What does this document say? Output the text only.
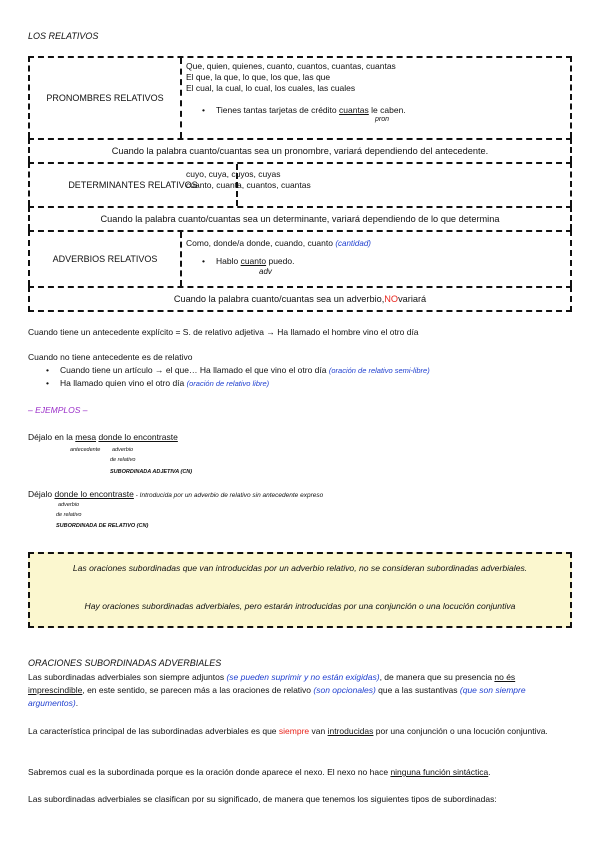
LOS RELATIVOS
PRONOMBRES RELATIVOS
Que, quien, quienes, cuanto, cuantos, cuantas, cuantas
El que, la que, lo que, los que, las que
El cual, la cual, lo cual, los cuales, las cuales
• Tienes tantas tarjetas de crédito cuantas le caben.
pron
Cuando la palabra cuanto/cuantas sea un pronombre, variará dependiendo del antecedente.
DETERMINANTES RELATIVOS
cuyo, cuya, cuyos, cuyas
cuanto, cuanta, cuantos, cuantas
Cuando la palabra cuanto/cuantas sea un determinante, variará dependiendo de lo que determina
ADVERBIOS RELATIVOS
Como, donde/a donde, cuando, cuanto (cantidad)
• Hablo cuanto puedo.
adv
Cuando la palabra cuanto/cuantas sea un adverbio, NO variará
Cuando tiene un antecedente explícito = S. de relativo adjetiva → Ha llamado el hombre vino el otro día
Cuando no tiene antecedente es de relativo
• Cuando tiene un artículo → el que… Ha llamado el que vino el otro día (oración de relativo semi-libre)
• Ha llamado quien vino el otro día (oración de relativo libre)
– EJEMPLOS –
Déjalo en la mesa donde lo encontraste
antecedente adverbio
de relativo
SUBORDINADA ADJETIVA (CN)
Déjalo donde lo encontraste - Introducida por un adverbio de relativo sin antecedente expreso
adverbio
de relativo
SUBORDINADA DE RELATIVO (CN)
Las oraciones subordinadas que van introducidas por un adverbio relativo, no se consideran subordinadas adverbiales.
Hay oraciones subordinadas adverbiales, pero estarán introducidas por una conjunción o una locución conjuntiva
ORACIONES SUBORDINADAS ADVERBIALES
Las subordinadas adverbiales son siempre adjuntos (se pueden suprimir y no están exigidas), de manera que su presencia no és imprescindible, en este sentido, se parecen más a las oraciones de relativo (son opcionales) que a las sustantivas (que son siempre argumentos).
La característica principal de las subordinadas adverbiales es que siempre van introducidas por una conjunción o una locución conjuntiva.
Sabremos cual es la subordinada porque es la oración donde aparece el nexo. El nexo no hace ninguna función sintáctica.
Las subordinadas adverbiales se clasifican por su significado, de manera que tenemos los siguientes tipos de subordinadas:
